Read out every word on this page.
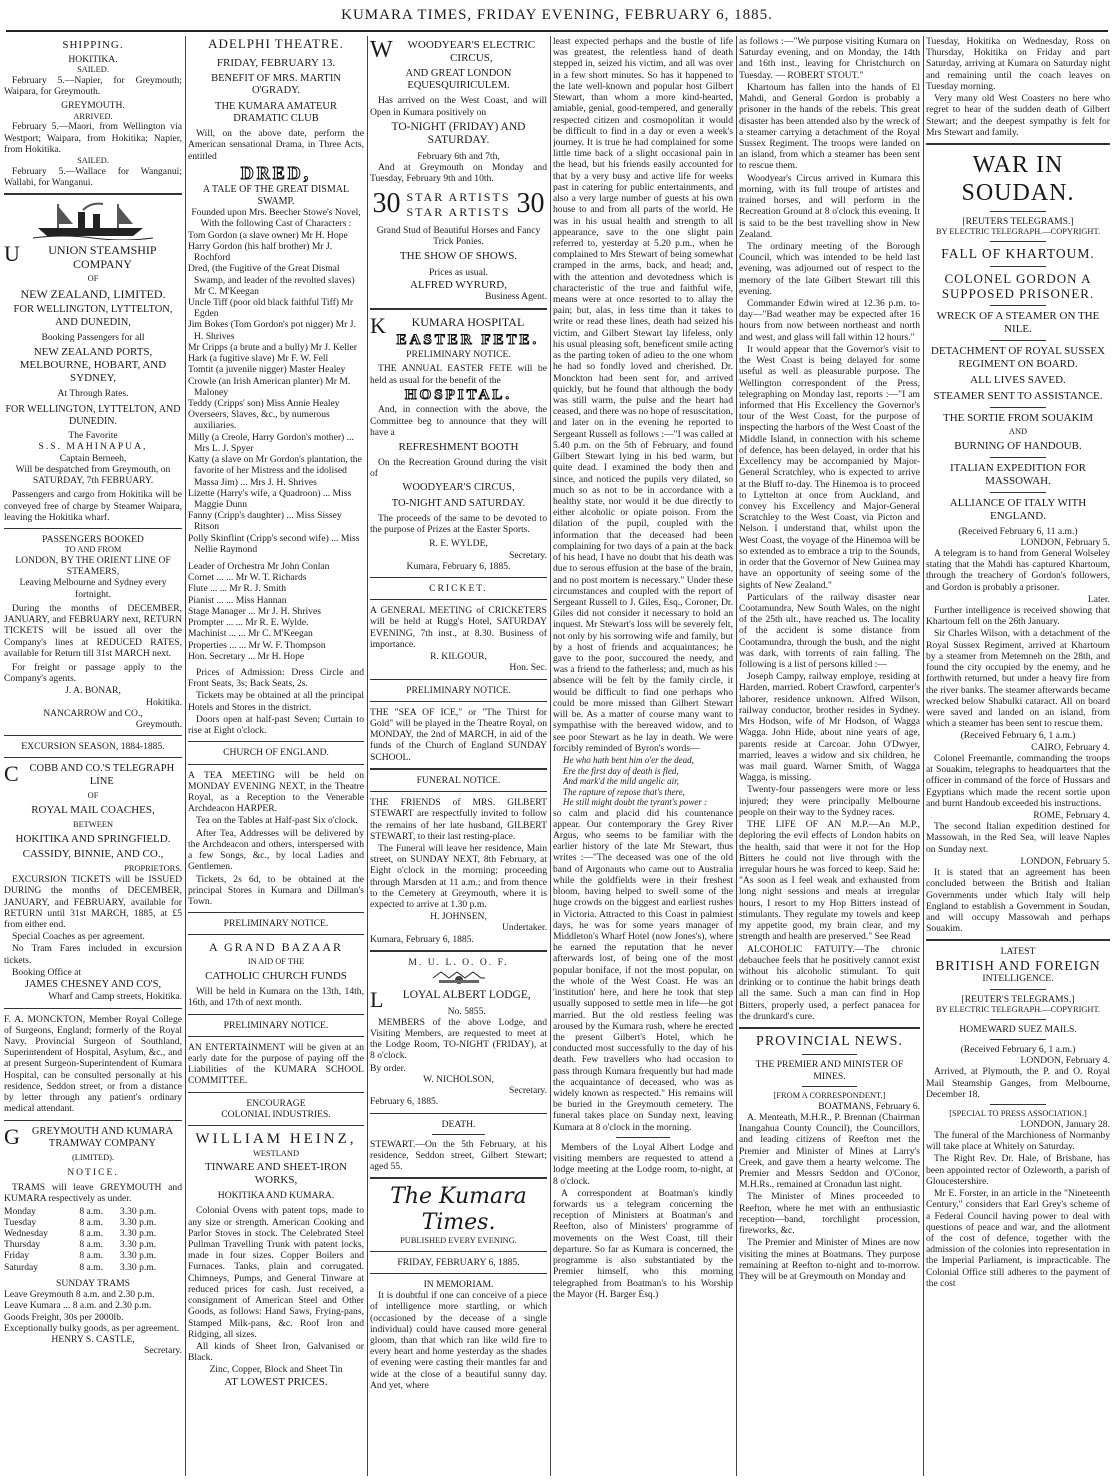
KUMARA TIMES, FRIDAY EVENING, FEBRUARY 6, 1885.
SHIPPING.
HOKITIKA.
SAILED.

February 5.—Napier, for Greymouth; Waipara, for Greymouth.

GREYMOUTH.
ARRIVED.

February 5.—Maori, from Wellington via Westport; Waipara, from Hokitika; Napier, from Hokitika.

SAILED.

February 5.—Wallace for Wanganui; Wallabi, for Wanganui.

U UNION STEAMSHIP COMPANY
OF
NEW ZEALAND, LIMITED.
FOR WELLINGTON, LYTTELTON, AND DUNEDIN,
Booking Passengers for all
NEW ZEALAND PORTS, MELBOURNE, HOBART, AND SYDNEY,
At Through Rates.
FOR WELLINGTON, LYTTELTON, AND DUNEDIN.
The Favorite
S.S. MAHINAPUA,
Captain Berneeh,
Will be despatched from Greymouth, on
SATURDAY, 7th FEBRUARY.

Passengers and cargo from Hokitika will be conveyed free of charge by Steamer Waipara, leaving the Hokitika wharf.

PASSENGERS BOOKED
TO AND FROM
LONDON, BY THE ORIENT LINE OF STEAMERS,
Leaving Melbourne and Sydney every fortnight.

During the months of DECEMBER, JANUARY, and FEBRUARY next, RETURN TICKETS will be issued all over the Company's lines at REDUCED RATES, available for Return till 31st MARCH next.

For freight or passage apply to the Company's agents.

J. A. BONAR,
Hokitika.
NANCARROW and CO.,
Greymouth.
EXCURSION SEASON, 1884-1885.
C COBB AND CO.'S TELEGRAPH LINE
OF
ROYAL MAIL COACHES,
BETWEEN
HOKITIKA AND SPRINGFIELD.
CASSIDY, BINNIE, AND CO.,
PROPRIETORS.

EXCURSION TICKETS will be ISSUED DURING the months of DECEMBER, JANUARY, and FEBRUARY, available for RETURN until 31st MARCH, 1885, at £5 from either end.

Special Coaches as per agreement.

No Tram Fares included in excursion tickets.

Booking Office at

JAMES CHESNEY AND CO'S,
Wharf and Camp streets, Hokitika.

F. A. MONCKTON, Member Royal College of Surgeons, England; formerly of the Royal Navy. Provincial Surgeon of Southland, Superintendent of Hospital, Asylum, &c., and at present Surgeon-Superintendent of Kumara Hospital, can be consulted personally at his residence, Seddon street, or from a distance by letter through any patient's ordinary medical attendant.

G GREYMOUTH AND KUMARA TRAMWAY COMPANY
(LIMITED).
NOTICE.

TRAMS will leave GREYMOUTH and KUMARA respectively as under.

Monday	8 a.m.	3.30 p.m.
Tuesday	8 a.m.	3.30 p.m.
Wednesday	8 a.m.	3.30 p.m.
Thursday	8 a.m.	3.30 p.m.
Friday	8 a.m.	3.30 p.m.
Saturday	8 a.m.	3.30 p.m.
SUNDAY TRAMS
Leave Greymouth 8 a.m. and 2.30 p.m.
Leave Kumara ... 8 a.m. and 2.30 p.m.
Goods Freight, 30s per 2000lb.
Exceptionally bulky goods, as per agreement.
HENRY S. CASTLE,
Secretary.
ADELPHI THEATRE.
FRIDAY, FEBRUARY 13.
BENEFIT OF MRS. MARTIN O'GRADY.
THE KUMARA AMATEUR DRAMATIC CLUB

Will, on the above date, perform the American sensational Drama, in Three Acts, entitled

DRED,
A TALE OF THE GREAT DISMAL SWAMP.
Founded upon Mrs. Beecher Stowe's Novel,
With the following Cast of Characters :
Tom Gordon (a slave owner) Mr H. Hope
Harry Gordon (his half brother) Mr J. Rochford
Dred, (the Fugitive of the Great Dismal Swamp, and leader of the revolted slaves) Mr C. M'Keegan
Uncle Tiff (poor old black faithful Tiff) Mr Egden
Jim Bokes (Tom Gordon's pot nigger) Mr J. H. Shrives
Mr Cripps (a brute and a bully) Mr J. Keller
Hark (a fugitive slave) Mr F. W. Fell
Tomtit (a juvenile nigger) Master Healey
Crowle (an Irish American planter) Mr M. Maloney
Teddy (Cripps' son) Miss Annie Healey
Overseers, Slaves, &c., by numerous auxiliaries.
Milly (a Creole, Harry Gordon's mother) ... Mrs L. J. Spyer
Katty (a slave on Mr Gordon's plantation, the favorite of her Mistress and the idolised Massa Jim) ... Mrs J. H. Shrives
Lizette (Harry's wife, a Quadroon) ... Miss Maggie Dunn
Fanny (Cripp's daughter) ... Miss Sissey Ritson
Polly Skinflint (Cripp's second wife) ... Miss Nellie Raymond
Leader of Orchestra Mr John Conlan
Cornet ... ... Mr W. T. Richards
Flute ... ... Mr R. J. Smith
Pianist ... ... Miss Hannan
Stage Manager ... Mr J. H. Shrives
Prompter ... ... Mr R. E. Wylde.
Machinist ... ... Mr C. M'Keegan
Properties ... ... Mr W. F. Thompson
Hon. Secretary ... Mr H. Hope

Prices of Admission: Dress Circle and Front Seats, 3s; Back Seats, 2s.

Tickets may be obtained at all the principal Hotels and Stores in the district.

Doors open at half-past Seven; Curtain to rise at Eight o'clock.

CHURCH OF ENGLAND.

A TEA MEETING will be held on MONDAY EVENING NEXT, in the Theatre Royal, as a Reception to the Venerable Archdeacon HARPER.

Tea on the Tables at Half-past Six o'clock.

After Tea, Addresses will be delivered by the Archdeacon and others, interspersed with a few Songs, &c., by local Ladies and Gentlemen.

Tickets, 2s 6d, to be obtained at the principal Stores in Kumara and Dillman's Town.

PRELIMINARY NOTICE.
A GRAND BAZAAR
IN AID OF THE
CATHOLIC CHURCH FUNDS

Will be held in Kumara on the 13th, 14th, 16th, and 17th of next month.

PRELIMINARY NOTICE.

AN ENTERTAINMENT will be given at an early date for the purpose of paying off the Liabilities of the KUMARA SCHOOL COMMITTEE.

ENCOURAGE
COLONIAL INDUSTRIES.
WILLIAM HEINZ,
WESTLAND
TINWARE AND SHEET-IRON WORKS,
HOKITIKA AND KUMARA.

Colonial Ovens with patent tops, made to any size or strength. American Cooking and Parlor Stoves in stock. The Celebrated Steel Pullman Travelling Trunk with patent locks, made in four sizes. Copper Boilers and Furnaces. Tanks, plain and corrugated. Chimneys, Pumps, and General Tinware at reduced prices for cash. Just received, a consignment of American Steel and Other Goods, as follows: Hand Saws, Frying-pans, Stamped Milk-pans, &c. Roof Iron and Ridging, all sizes.

All kinds of Sheet Iron, Galvanised or Black.

Zinc, Copper, Block and Sheet Tin
AT LOWEST PRICES.
W WOODYEAR'S ELECTRIC CIRCUS,
AND GREAT LONDON EQUESQUIRICULEM.

Has arrived on the West Coast, and will Open in Kumara positively on

TO-NIGHT (FRIDAY) AND SATURDAY.
February 6th and 7th,

And at Greymouth on Monday and Tuesday, February 9th and 10th.

30 STAR ARTISTS
STAR ARTISTS 30
Grand Stud of Beautiful Horses and Fancy Trick Ponies.
THE SHOW OF SHOWS.
Prices as usual.
ALFRED WYRURD,
Business Agent.
K KUMARA HOSPITAL
EASTER FETE.
PRELIMINARY NOTICE.

THE ANNUAL EASTER FETE will be held as usual for the benefit of the

HOSPITAL.

And, in connection with the above, the Committee beg to announce that they will have a

REFRESHMENT BOOTH

On the Recreation Ground during the visit of

WOODYEAR'S CIRCUS,
TO-NIGHT AND SATURDAY.

The proceeds of the same to be devoted to the purpose of Prizes at the Easter Sports.

R. E. WYLDE,
Secretary.
Kumara, February 6, 1885.
CRICKET.

A GENERAL MEETING of CRICKETERS will be held at Rugg's Hotel, SATURDAY EVENING, 7th inst., at 8.30. Business of importance.

R. KILGOUR,
Hon. Sec.
PRELIMINARY NOTICE.

THE "SEA OF ICE," or "The Thirst for Gold" will be played in the Theatre Royal, on MONDAY, the 2nd of MARCH, in aid of the funds of the Church of England SUNDAY SCHOOL.

FUNERAL NOTICE.

THE FRIENDS of MRS. GILBERT STEWART are respectfully invited to follow the remains of her late husband, GILBERT STEWART, to their last resting-place.

The Funeral will leave her residence, Main street, on SUNDAY NEXT, 8th February, at Eight o'clock in the morning; proceeding through Marsden at 11 a.m.; and from thence to the Cemetery at Greymouth, where it is expected to arrive at 1.30 p.m.

H. JOHNSEN,
Undertaker.
Kumara, February 6, 1885.
M. U. L. O. O. F.
L LOYAL ALBERT LODGE,
No. 5855.

MEMBERS of the above Lodge, and Visiting Members, are requested to meet at the Lodge Room, TO-NIGHT (FRIDAY), at 8 o'clock.

By order.
W. NICHOLSON,
Secretary.
February 6, 1885.
DEATH.

STEWART.—On the 5th February, at his residence, Seddon street, Gilbert Stewart; aged 55.

The Kumara Times.
PUBLISHED EVERY EVENING.
FRIDAY, FEBRUARY 6, 1885.
IN MEMORIAM.

It is doubtful if one can conceive of a piece of intelligence more startling, or which (occasioned by the decease of a single individual) could have caused more general gloom, than that which ran like wild fire to every heart and home yesterday as the shades of evening were casting their mantles far and wide at the close of a beautiful sunny day. And yet, where

least expected perhaps and the bustle of life was greatest, the relentless hand of death stepped in, seized his victim, and all was over in a few short minutes. So has it happened to the late well-known and popular host Gilbert Stewart, than whom a more kind-hearted, amiable, genial, good-tempered, and generally respected citizen and cosmopolitan it would be difficult to find in a day or even a week's journey. It is true he had complained for some little time back of a slight occasional pain in the head, but his friends easily accounted for that by a very busy and active life for weeks past in catering for public entertainments, and also a very large number of guests at his own house to and from all parts of the world. He was in his usual health and strength to all appearance, save to the one slight pain referred to, yesterday at 5.20 p.m., when he complained to Mrs Stewart of being somewhat cramped in the arms, back, and head; and, with the attention and devotedness which is characteristic of the true and faithful wife, means were at once resorted to to allay the pain; but, alas, in less time than it takes to write or read these lines, death had seized his victim, and Gilbert Stewart lay lifeless, only his usual pleasing soft, beneficent smile acting as the parting token of adieu to the one whom he had so fondly loved and cherished. Dr. Monckton had been sent for, and arrived quickly, but he found that although the body was still warm, the pulse and the heart had ceased, and there was no hope of resuscitation, and later on in the evening he reported to Sergeant Russell as follows :—"I was called at 5.40 p.m. on the 5th of February, and found Gilbert Stewart lying in his bed warm, but quite dead. I examined the body then and since, and noticed the pupils very dilated, so much so as not to be in accordance with a healthy state, nor would it be due directly to either alcoholic or opiate poison. From the dilation of the pupil, coupled with the information that the deceased had been complaining for two days of a pain at the back of his head, I have no doubt that his death was due to serous effusion at the base of the brain, and no post mortem is necessary." Under these circumstances and coupled with the report of Sergeant Russell to J. Giles, Esq., Coroner, Dr. Giles did not consider it necessary to hold an inquest. Mr Stewart's loss will be severely felt, not only by his sorrowing wife and family, but by a host of friends and acquaintances; he gave to the poor, succoured the needy, and was a friend to the fatherless; and, much as his absence will be felt by the family circle, it would be difficult to find one perhaps who could be more missed than Gilbert Stewart will be. As a matter of course many want to sympathise with the bereaved widow, and to see poor Stewart as he lay in death. We were forcibly reminded of Byron's words—

He who hath bent him o'er the dead,
Ere the first day of death is fled,
And mark'd the mild angelic air,
The rapture of repose that's there,
He still might doubt the tyrant's power :

so calm and placid did his countenance appear. Our contemporary the Grey River Argus, who seems to be familiar with the earlier history of the late Mr Stewart, thus writes :—"The deceased was one of the old band of Argonauts who came out to Australia while the goldfields were in their freshest bloom, having helped to swell some of the huge crowds on the biggest and earliest rushes in Victoria. Attracted to this Coast in palmiest days, he was for some years manager of Middleton's Wharf Hotel (now Jones's), where he earned the reputation that he never afterwards lost, of being one of the most popular boniface, if not the most popular, on the whole of the West Coast. He was an 'institution' here, and here he took that step usually supposed to settle men in life—he got married. But the old restless feeling was aroused by the Kumara rush, where he erected the present Gilbert's Hotel, which he conducted most successfully to the day of his death. Few travellers who had occasion to pass through Kumara frequently but had made the acquaintance of deceased, who was as widely known as respected." His remains will be buried in the Greymouth cemetery. The funeral takes place on Sunday next, leaving Kumara at 8 o'clock in the morning.

Members of the Loyal Albert Lodge and visiting members are requested to attend a lodge meeting at the Lodge room, to-night, at 8 o'clock.

A correspondent at Boatman's kindly forwards us a telegram concerning the reception of Ministers at Boatman's and Reefton, also of Ministers' programme of movements on the West Coast, till their departure. So far as Kumara is concerned, the programme is also substantiated by the Premier himself, who this morning telegraphed from Boatman's to his Worship the Mayor (H. Barger Esq.)

as follows :—"We purpose visiting Kumara on Saturday evening, and on Monday, the 14th and 16th inst., leaving for Christchurch on Tuesday. — ROBERT STOUT."

Khartoum has fallen into the hands of El Mahdi, and General Gordon is probably a prisoner in the hands of the rebels. This great disaster has been attended also by the wreck of a steamer carrying a detachment of the Royal Sussex Regiment. The troops were landed on an island, from which a steamer has been sent to rescue them.

Woodyear's Circus arrived in Kumara this morning, with its full troupe of artistes and trained horses, and will perform in the Recreation Ground at 8 o'clock this evening. It is said to be the best travelling show in New Zealand.

The ordinary meeting of the Borough Council, which was intended to be held last evening, was adjourned out of respect to the memory of the late Gilbert Stewart till this evening.

Commander Edwin wired at 12.36 p.m. to-day—"Bad weather may be expected after 16 hours from now between northeast and north and west, and glass will fall within 12 hours."

It would appear that the Governor's visit to the West Coast is being delayed for some useful as well as pleasurable purpose. The Wellington correspondent of the Press, telegraphing on Monday last, reports :—"I am informed that His Excellency the Governor's tour of the West Coast, for the purpose of inspecting the harbors of the West Coast of the Middle Island, in connection with his scheme of defence, has been delayed, in order that his Excellency may be accompanied by Major-General Scratchley, who is expected to arrive at the Bluff to-day. The Hinemoa is to proceed to Lyttelton at once from Auckland, and convey his Excellency and Major-General Scratchley to the West Coast, via Picton and Nelson. I understand that, whilst upon the West Coast, the voyage of the Hinemoa will be so extended as to embrace a trip to the Sounds, in order that the Governor of New Guinea may have an opportunity of seeing some of the sights of New Zealand."

Particulars of the railway disaster near Cootamundra, New South Wales, on the night of the 25th ult., have reached us. The locality of the accident is some distance from Cootamundra, through the bush, and the night was dark, with torrents of rain falling. The following is a list of persons killed :—

Joseph Campy, railway employe, residing at Harden, married. Robert Crawford, carpenter's laborer, residence unknown. Alfred Wilson, railway conductor, brother resides in Sydney. Mrs Hodson, wife of Mr Hodson, of Wagga Wagga. John Hide, about nine years of age, parents reside at Carcoar. John O'Dwyer, married, leaves a widow and six children, he was mail guard. Warner Smith, of Wagga Wagga, is missing.

Twenty-four passengers were more or less injured; they were principally Melbourne people on their way to the Sydney races.

THE LIFE OF AN M.P.—An M.P., deploring the evil effects of London habits on the health, said that were it not for the Hop Bitters he could not live through with the irregular hours he was forced to keep. Said he: "As soon as I feel weak and exhausted from long night sessions and meals at irregular hours, I resort to my Hop Bitters instead of stimulants. They regulate my towels and keep my appetite good, my brain clear, and my strength and health are preserved." See Read

ALCOHOLIC FATUITY.—The chronic debauchee feels that he positively cannot exist without his alcoholic stimulant. To quit drinking or to continue the habit brings death all the same. Such a man can find in Hop Bitters, properly used, a perfect panacea for the drunkard's cure.

PROVINCIAL NEWS.
THE PREMIER AND MINISTER OF MINES.
[FROM A CORRESPONDENT.]
BOATMANS, February 6.

A. Menteath, M.H.R., P. Brennan (Chairman Inangahua County Council), the Councillors, and leading citizens of Reefton met the Premier and Minister of Mines at Larry's Creek, and gave them a hearty welcome. The Premier and Messrs Seddon and O'Conor, M.H.Rs., remained at Cronadun last night.

The Minister of Mines proceeded to Reefton, where he met with an enthusiastic reception—band, torchlight procession, fireworks, &c.

The Premier and Minister of Mines are now visiting the mines at Boatmans. They purpose remaining at Reefton to-night and to-morrow. They will be at Greymouth on Monday and

Tuesday, Hokitika on Wednesday, Ross on Thursday, Hokitika on Friday and part Saturday, arriving at Kumara on Saturday night and remaining until the coach leaves on Tuesday morning.

Very many old West Coasters no here who regret to hear of the sudden death of Gilbert Stewart; and the deepest sympathy is felt for Mrs Stewart and family.

WAR IN SOUDAN.
[REUTERS TELEGRAMS.]
BY ELECTRIC TELEGRAPH.—COPYRIGHT.
FALL OF KHARTOUM.
COLONEL GORDON A SUPPOSED PRISONER.
WRECK OF A STEAMER ON THE NILE.
DETACHMENT OF ROYAL SUSSEX REGIMENT ON BOARD.
ALL LIVES SAVED.
STEAMER SENT TO ASSISTANCE.
THE SORTIE FROM SOUAKIM
AND
BURNING OF HANDOUB.
ITALIAN EXPEDITION FOR MASSOWAH.
ALLIANCE OF ITALY WITH ENGLAND.
(Received February 6, 11 a.m.)
LONDON, February 5.

A telegram is to hand from General Wolseley stating that the Mahdi has captured Khartoum, through the treachery of Gordon's followers, and Gordon is probably a prisoner.

Later.

Further intelligence is received showing that Khartoum fell on the 26th January.

Sir Charles Wilson, with a detachment of the Royal Sussex Regiment, arrived at Khartoum by a steamer from Metemneh on the 28th, and found the city occupied by the enemy, and he forthwith returned, but under a heavy fire from the river banks. The steamer afterwards became wrecked below Shabulki cataract. All on board were saved and landed on an island, from which a steamer has been sent to rescue them.

(Received February 6, 1 a.m.)
CAIRO, February 4.

Colonel Freemantle, commanding the troops at Souakim, telegraphs to headquarters that the officer in command of the force of Hussars and Egyptians which made the recent sortie upon and burnt Handoub exceeded his instructions.

ROME, February 4.

The second Italian expedition destined for Massowah, in the Red Sea, will leave Naples on Sunday next.

LONDON, February 5.

It is stated that an agreement has been concluded between the British and Italian Governments under which Italy will help England to establish a Government in Soudan, and will occupy Massowah and perhaps Souakim.

LATEST
BRITISH AND FOREIGN
INTELLIGENCE.
[REUTER'S TELEGRAMS.]
BY ELECTRIC TELEGRAPH.—COPYRIGHT.
HOMEWARD SUEZ MAILS.
(Received February 6, 1 a.m.)
LONDON, February 4.

Arrived, at Plymouth, the P. and O. Royal Mail Steamship Ganges, from Melbourne, December 18.

[SPECIAL TO PRESS ASSOCIATION.]
LONDON, January 28.

The funeral of the Marchioness of Normanby will take place at Whitely on Saturday.

The Right Rev. Dr. Hale, of Brisbane, has been appointed rector of Ozleworth, a parish of Gloucestershire.

Mr E. Forster, in an article in the "Nineteenth Century," considers that Earl Grey's scheme of a Federal Council having power to deal with questions of peace and war, and the allotment of the cost of defence, together with the admission of the colonies into representation in the Imperial Parliament, is impracticable. The Colonial Office still adheres to the payment of the cost
